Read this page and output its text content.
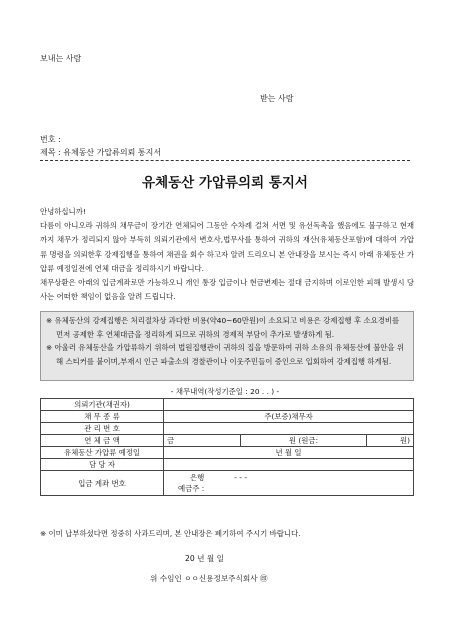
보내는 사람
받는 사람
번호 :
제목 : 유체동산 가압류의뢰 통지서
유체동산 가압류의뢰 통지서

안녕하십니까!

다름이 아니오라 귀하의 채무금이 장기간 연체되어 그동안 수차례 걸쳐 서면 및 유선독촉을 했음에도 불구하고 현재까지 채무가 정리되지 않아 부득히 의뢰기관에서 변호사,법무사를 통하여 귀하의 재산(유체동산포함)에 대하여 가압류 명령을 의뢰한후 강제집행을 통하여 채권을 회수 하고자 알려 드리오니 본 안내장을 보시는 즉시 아래 유체동산 가압류 예정일전에 연체 대금을 정리하시기 바랍니다.

채무상환은 아래의 입금계좌로만 가능하오니 개인 통장 입금이나 현금변제는 절대 금지하며 이로인한 피해 발생시 당사는 어떠한 책임이 없음을 알려 드립니다.

※ 유체동산의 강제집행은 처리절차상 과다한 비용(약40~60만원)이 소요되고 비용은 강제집행 후 소요경비를 먼저 공제한 후 연체대금을 정리하게 되므로 귀하의 경제적 부담이 추가로 발생하게 됨.

※ 아울러 유체동산을 가압류하기 위하여 법원집행관이 귀하의 집을 방문하여 귀하 소유의 유체동산에 불안을 위해 스티커를 붙이며,부재시 인근 파출소의 경찰관이나 이웃주민들이 증인으로 입회하여 강제집행 하게됨.

- 채무내역(작성기준일 : 20 . . ) -
의뢰기관(채권자)			
채 무 종 류	주(보증)채무자		
관 리 번 호			
연 체 금 액	금	원 (원금:	원)
유체동산 가압류 예정일	년 월 일		
담 당 자			
입금 계좌 번호	은행 - - -
예금주 :		
※ 이미 납부하셨다면 정중히 사과드리며, 본 안내장은 폐기하여 주시기 바랍니다.
20 년 월 일
위 수임인 ㅇㅇ신용정보주식회사 ㊞
